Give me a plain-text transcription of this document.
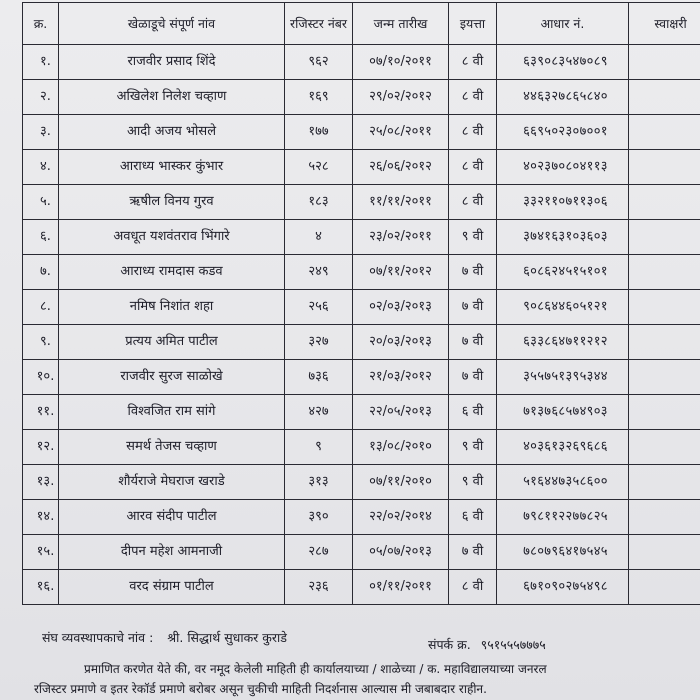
क्र.	खेळाडूचे संपूर्ण नांव	रजिस्टर नंबर	जन्म तारीख	इयत्ता	आधार नं.	स्वाक्षरी
१.	राजवीर प्रसाद शिंदे	९६२	०७/१०/२०११	८ वी	६३९०८३५४७०८९	
२.	अखिलेश निलेश चव्हाण	१६९	२९/०२/२०१२	८ वी	४४६३२७८६५८४०	
३.	आदी अजय भोसले	१७७	२५/०८/२०११	८ वी	६६९५०२३०७००१	
४.	आराध्य भास्कर कुंभार	५२८	२६/०६/२०१२	८ वी	४०२३७०८०४११३	
५.	ऋषील विनय गुरव	१८३	११/११/२०११	८ वी	३३२११०७११३०६	
६.	अवधूत यशवंतराव भिंगारे	४	२३/०२/२०११	९ वी	३७४१६३१०३६०३	
७.	आराध्य रामदास कडव	२४९	०७/११/२०१२	७ वी	६०८६२४५१५१०१	
८.	नमिष निशांत शहा	२५६	०२/०३/२०१३	७ वी	९०८६४४६०५१२१	
९.	प्रत्यय अमित पाटील	३२७	२०/०३/२०१३	७ वी	६३३८६४७११२१२	
१०.	राजवीर सुरज साळोखे	७३६	२१/०३/२०१२	७ वी	३५५७५१३९५३४४	
११.	विश्वजित राम सांगे	४२७	२२/०५/२०१३	६ वी	७१३७६८५७४९०३	
१२.	समर्थ तेजस चव्हाण	९	१३/०८/२०१०	९ वी	४०३६१३२६९६८६	
१३.	शौर्यराजे मेघराज खराडे	३१३	०७/११/२०१०	९ वी	५१६४४७३५८६००	
१४.	आरव संदीप पाटील	३९०	२२/०२/२०१४	६ वी	७९८११२२७७८२५	
१५.	दीपन महेश आमनाजी	२८७	०५/०७/२०१३	७ वी	७८०७९६४१७५४५	
१६.	वरद संग्राम पाटील	२३६	०१/११/२०११	८ वी	६७१०९०२७५४९८	
संघ व्यवस्थापकाचे नांव : श्री. सिद्धार्थ सुधाकर कुराडे	संपर्क क्र. ९५१५५५७७७५
प्रमाणित करणेत येते की, वर नमूद केलेली माहिती ही कार्यालयाच्या / शाळेच्या / क. महाविद्यालयाच्या जनरल
रजिस्टर प्रमाणे व इतर रेकॉर्ड प्रमाणे बरोबर असून चुकीची माहिती निदर्शनास आल्यास मी जबाबदार राहीन.
